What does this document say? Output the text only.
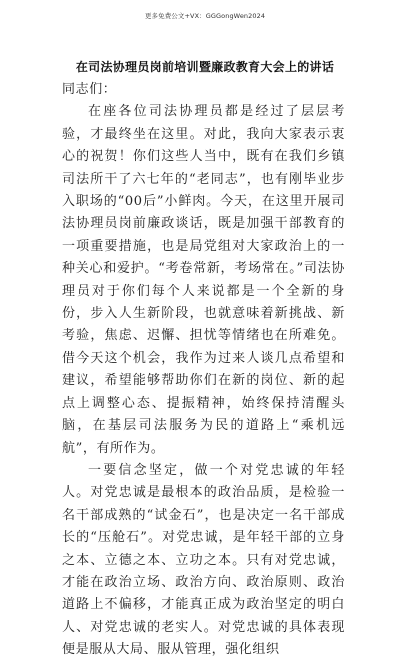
更多免费公文+VX：GGGongWen2024
在司法协理员岗前培训暨廉政教育大会上的讲话

同志们：

在座各位司法协理员都是经过了层层考验，才最终坐在这里。对此，我向大家表示衷心的祝贺！你们这些人当中，既有在我们乡镇司法所干了六七年的“老同志”，也有刚毕业步入职场的“00后”小鲜肉。今天，在这里开展司法协理员岗前廉政谈话，既是加强干部教育的一项重要措施，也是局党组对大家政治上的一种关心和爱护。“考卷常新，考场常在。”司法协理员对于你们每个人来说都是一个全新的身份，步入人生新阶段，也就意味着新挑战、新考验，焦虑、迟懈、担忧等情绪也在所难免。借今天这个机会，我作为过来人谈几点希望和建议，希望能够帮助你们在新的岗位、新的起点上调整心态、提振精神，始终保持清醒头脑，在基层司法服务为民的道路上“乘机远航”，有所作为。

一要信念坚定，做一个对党忠诚的年轻人。对党忠诚是最根本的政治品质，是检验一名干部成熟的“试金石”，也是决定一名干部成长的“压舱石”。对党忠诚，是年轻干部的立身之本、立德之本、立功之本。只有对党忠诚，才能在政治立场、政治方向、政治原则、政治道路上不偏移，才能真正成为政治坚定的明白人、对党忠诚的老实人。对党忠诚的具体表现便是服从大局、服从管理，强化组织
